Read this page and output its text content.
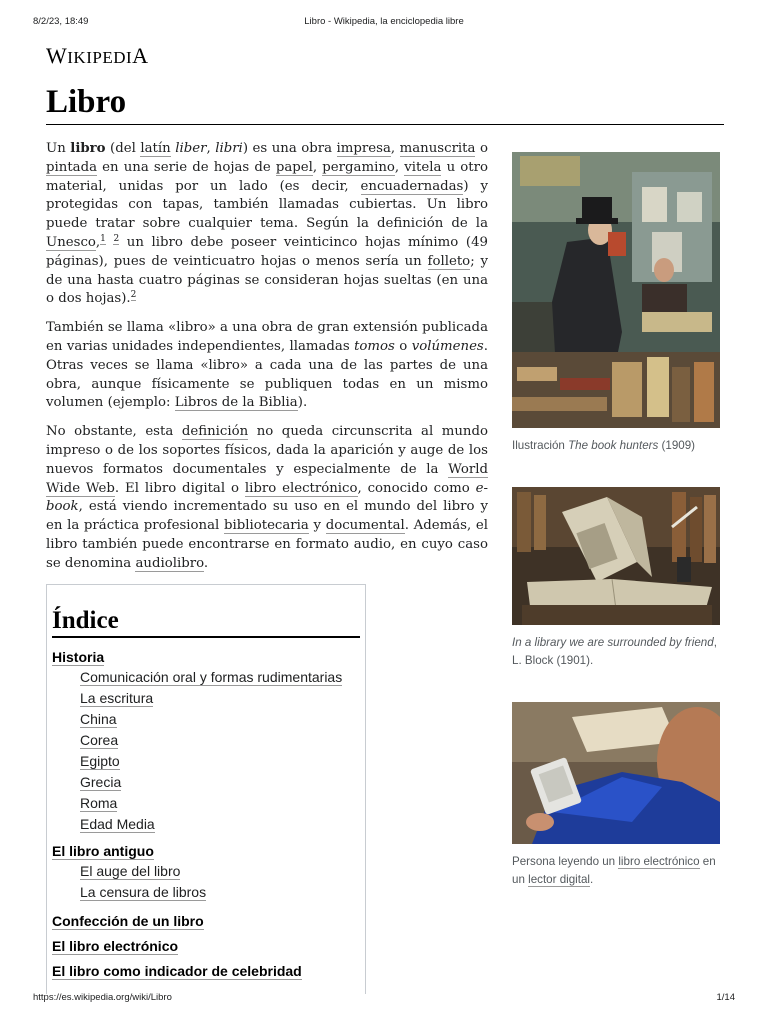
8/2/23, 18:49	Libro - Wikipedia, la enciclopedia libre
WIKIPEDIA
Libro

Un libro (del latín liber, libri) es una obra impresa, manuscrita o pintada en una serie de hojas de papel, pergamino, vitela u otro material, unidas por un lado (es decir, encuadernadas) y protegidas con tapas, también llamadas cubiertas. Un libro puede tratar sobre cualquier tema. Según la definición de la Unesco,$^1$ $^2$ un libro debe poseer veinticinco hojas mínimo (49 páginas), pues de veinticuatro hojas o menos sería un folleto; y de una hasta cuatro páginas se consideran hojas sueltas (en una o dos hojas).$^2$

También se llama «libro» a una obra de gran extensión publicada en varias unidades independientes, llamadas tomos o volúmenes. Otras veces se llama «libro» a cada una de las partes de una obra, aunque físicamente se publiquen todas en un mismo volumen (ejemplo: Libros de la Biblia).

No obstante, esta definición no queda circunscrita al mundo impreso o de los soportes físicos, dada la aparición y auge de los nuevos formatos documentales y especialmente de la World Wide Web. El libro digital o libro electrónico, conocido como e-book, está viendo incrementado su uso en el mundo del libro y en la práctica profesional bibliotecaria y documental. Además, el libro también puede encontrarse en formato audio, en cuyo caso se denomina audiolibro.

Índice
Historia
Comunicación oral y formas rudimentarias
La escritura
China
Corea
Egipto
Grecia
Roma
Edad Media
El libro antiguo
El auge del libro
La censura de libros
Confección de un libro
El libro electrónico
El libro como indicador de celebridad
Ilustración The book hunters (1909)
In a library we are surrounded by friend, L. Block (1901).
Persona leyendo un libro electrónico en un lector digital.
https://es.wikipedia.org/wiki/Libro	1/14
